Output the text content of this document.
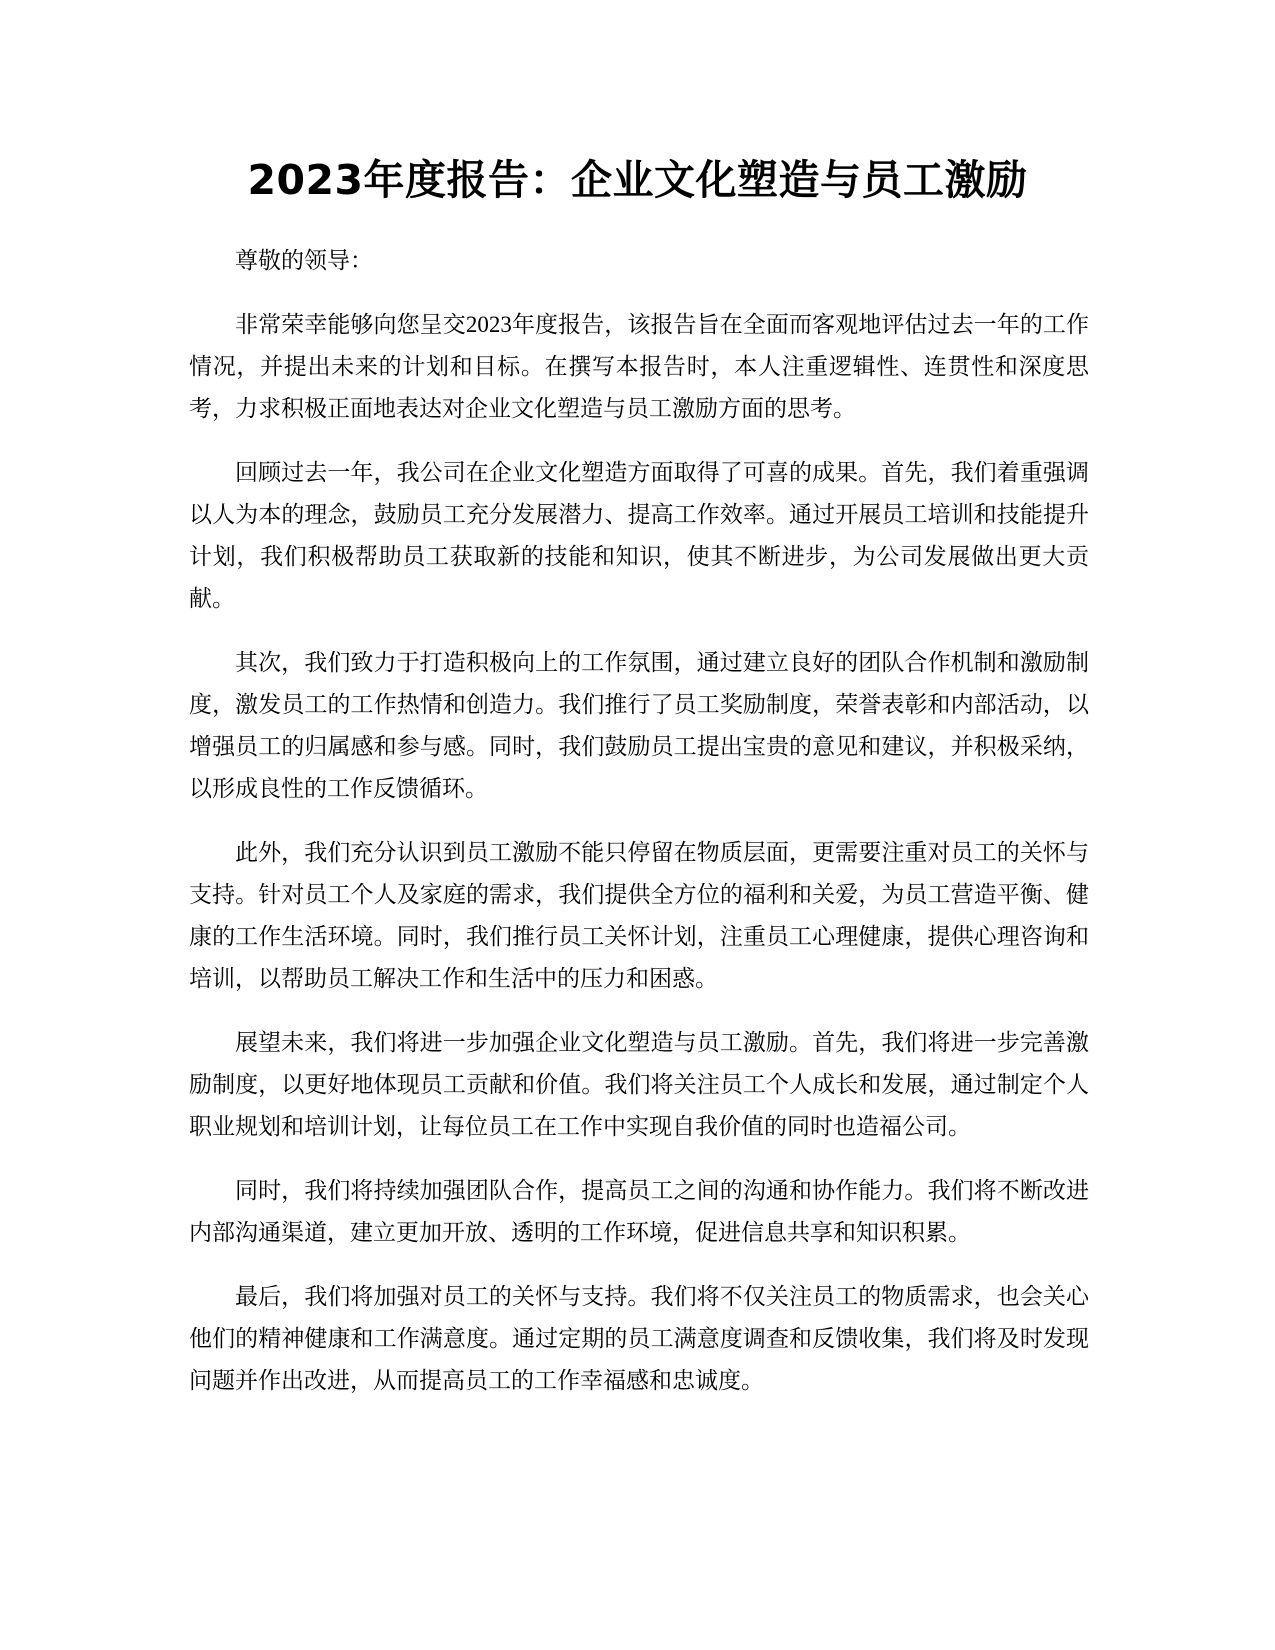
2023年度报告：企业文化塑造与员工激励

尊敬的领导：

非常荣幸能够向您呈交2023年度报告，该报告旨在全面而客观地评估过去一年的工作情况，并提出未来的计划和目标。在撰写本报告时，本人注重逻辑性、连贯性和深度思考，力求积极正面地表达对企业文化塑造与员工激励方面的思考。

回顾过去一年，我公司在企业文化塑造方面取得了可喜的成果。首先，我们着重强调以人为本的理念，鼓励员工充分发展潜力、提高工作效率。通过开展员工培训和技能提升计划，我们积极帮助员工获取新的技能和知识，使其不断进步，为公司发展做出更大贡献。

其次，我们致力于打造积极向上的工作氛围，通过建立良好的团队合作机制和激励制度，激发员工的工作热情和创造力。我们推行了员工奖励制度，荣誉表彰和内部活动，以增强员工的归属感和参与感。同时，我们鼓励员工提出宝贵的意见和建议，并积极采纳，以形成良性的工作反馈循环。

此外，我们充分认识到员工激励不能只停留在物质层面，更需要注重对员工的关怀与支持。针对员工个人及家庭的需求，我们提供全方位的福利和关爱，为员工营造平衡、健康的工作生活环境。同时，我们推行员工关怀计划，注重员工心理健康，提供心理咨询和培训，以帮助员工解决工作和生活中的压力和困惑。

展望未来，我们将进一步加强企业文化塑造与员工激励。首先，我们将进一步完善激励制度，以更好地体现员工贡献和价值。我们将关注员工个人成长和发展，通过制定个人职业规划和培训计划，让每位员工在工作中实现自我价值的同时也造福公司。

同时，我们将持续加强团队合作，提高员工之间的沟通和协作能力。我们将不断改进内部沟通渠道，建立更加开放、透明的工作环境，促进信息共享和知识积累。

最后，我们将加强对员工的关怀与支持。我们将不仅关注员工的物质需求，也会关心他们的精神健康和工作满意度。通过定期的员工满意度调查和反馈收集，我们将及时发现问题并作出改进，从而提高员工的工作幸福感和忠诚度。
